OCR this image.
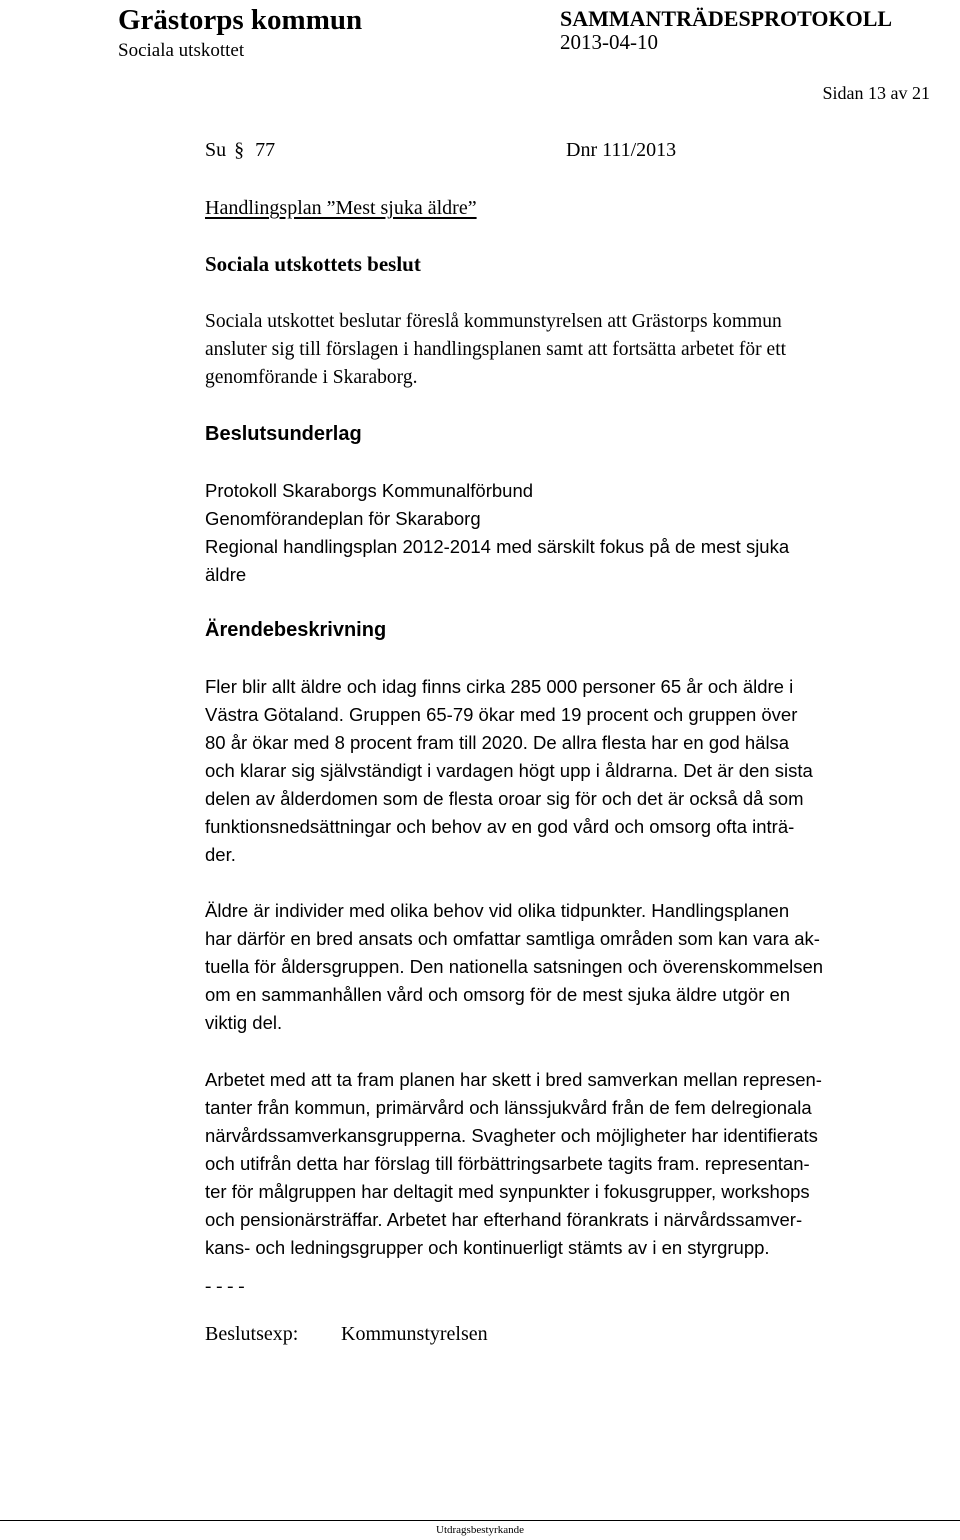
Grästorps kommun
Sociala utskottet
SAMMANTRÄDESPROTOKOLL
2013-04-10
Sidan 13 av 21
Su § 77	Dnr 111/2013
Handlingsplan ”Mest sjuka äldre”
Sociala utskottets beslut
Sociala utskottet beslutar föreslå kommunstyrelsen att Grästorps kommun
ansluter sig till förslagen i handlingsplanen samt att fortsätta arbetet för ett
genomförande i Skaraborg.
Beslutsunderlag
Protokoll Skaraborgs Kommunalförbund
Genomförandeplan för Skaraborg
Regional handlingsplan 2012-2014 med särskilt fokus på de mest sjuka
äldre
Ärendebeskrivning
Fler blir allt äldre och idag finns cirka 285 000 personer 65 år och äldre i
Västra Götaland. Gruppen 65-79 ökar med 19 procent och gruppen över
80 år ökar med 8 procent fram till 2020. De allra flesta har en god hälsa
och klarar sig självständigt i vardagen högt upp i åldrarna. Det är den sista
delen av ålderdomen som de flesta oroar sig för och det är också då som
funktionsnedsättningar och behov av en god vård och omsorg ofta inträ-
der.
Äldre är individer med olika behov vid olika tidpunkter. Handlingsplanen
har därför en bred ansats och omfattar samtliga områden som kan vara ak-
tuella för åldersgruppen. Den nationella satsningen och överenskommelsen
om en sammanhållen vård och omsorg för de mest sjuka äldre utgör en
viktig del.
Arbetet med att ta fram planen har skett i bred samverkan mellan represen-
tanter från kommun, primärvård och länssjukvård från de fem delregionala
närvårdssamverkansgrupperna. Svagheter och möjligheter har identifierats
och utifrån detta har förslag till förbättringsarbete tagits fram. representan-
ter för målgruppen har deltagit med synpunkter i fokusgrupper, workshops
och pensionärsträffar. Arbetet har efterhand förankrats i närvårdssamver-
kans- och ledningsgrupper och kontinuerligt stämts av i en styrgrupp.
- - - -
Beslutsexp: Kommunstyrelsen
Utdragsbestyrkande
